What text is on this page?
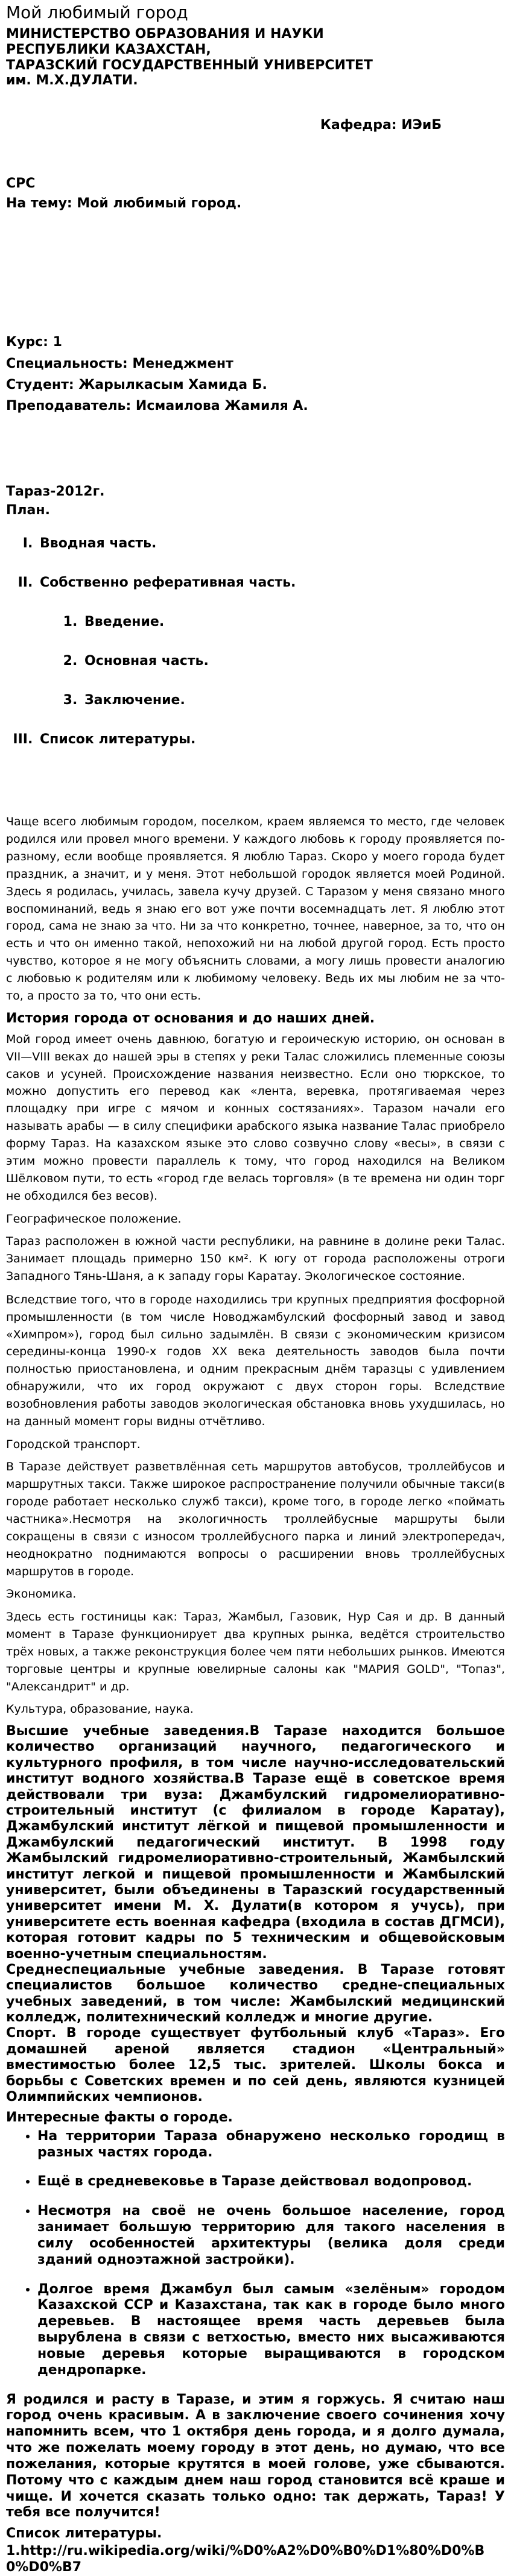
Мой любимый город

МИНИСТЕРСТВО ОБРАЗОВАНИЯ И НАУКИ

РЕСПУБЛИКИ КАЗАХСТАН,

ТАРАЗСКИЙ ГОСУДАРСТВЕННЫЙ УНИВЕРСИТЕТ

им. М.Х.ДУЛАТИ.

Кафедра: ИЭиБ

СРС

На тему: Мой любимый город.

Курс: 1

Специальность: Менеджмент

Студент: Жарылкасым Хамида Б.

Преподаватель: Исмаилова Жамиля А.

Тараз-2012г.

План.

I. Вводная часть.
II. Собственно реферативная часть.
1. Введение.
2. Основная часть.
3. Заключение.
III. Список литературы.

Чаще всего любимым городом, поселком, краем являемся то место, где человек родился или провел много времени. У каждого любовь к городу проявляется по-разному, если вообще проявляется. Я люблю Тараз. Скоро у моего города будет праздник, а значит, и у меня. Этот небольшой городок является моей Родиной. Здесь я родилась, училась, завела кучу друзей. С Таразом у меня связано много воспоминаний, ведь я знаю его вот уже почти восемнадцать лет. Я люблю этот город, сама не знаю за что. Ни за что конкретно, точнее, наверное, за то, что он есть и что он именно такой, непохожий ни на любой другой город. Есть просто чувство, которое я не могу объяснить словами, а могу лишь провести аналогию с любовью к родителям или к любимому человеку. Ведь их мы любим не за что-то, а просто за то, что они есть.

История города от основания и до наших дней.

Мой город имеет очень давнюю, богатую и героическую историю, он основан в VII—VIII веках до нашей эры в степях у реки Талас сложились племенные союзы саков и усуней. Происхождение названия неизвестно. Если оно тюркское, то можно допустить его перевод как «лента, веревка, протягиваемая через площадку при игре с мячом и конных состязаниях». Таразом начали его называть арабы — в силу специфики арабского языка название Талас приобрело форму Тараз. На казахском языке это слово созвучно слову «весы», в связи с этим можно провести параллель к тому, что город находился на Великом Шёлковом пути, то есть «город где велась торговля» (в те времена ни один торг не обходился без весов).

Географическое положение.

Тараз расположен в южной части республики, на равнине в долине реки Талас. Занимает площадь примерно 150 км². К югу от города расположены отроги Западного Тянь-Шаня, а к западу горы Каратау. Экологическое состояние.

Вследствие того, что в городе находились три крупных предприятия фосфорной промышленности (в том числе Новоджамбулский фосфорный завод и завод «Химпром»), город был сильно задымлён. В связи с экономическим кризисом середины-конца 1990-х годов XX века деятельность заводов была почти полностью приостановлена, и одним прекрасным днём таразцы с удивлением обнаружили, что их город окружают с двух сторон горы. Вследствие возобновления работы заводов экологическая обстановка вновь ухудшилась, но на данный момент горы видны отчётливо.

Городской транспорт.

В Таразе действует разветвлённая сеть маршрутов автобусов, троллейбусов и маршрутных такси. Также широкое распространение получили обычные такси(в городе работает несколько служб такси), кроме того, в городе легко «поймать частника».Несмотря на экологичность троллейбусные маршруты были сокращены в связи с износом троллейбусного парка и линий электропередач, неоднократно поднимаются вопросы о расширении вновь троллейбусных маршрутов в городе.

Экономика.

Здесь есть гостиницы как: Тараз, Жамбыл, Газовик, Нур Сая и др. В данный момент в Таразе функционирует два крупных рынка, ведётся строительство трёх новых, а также реконструкция более чем пяти небольших рынков. Имеются торговые центры и крупные ювелирные салоны как "МАРИЯ GOLD", "Топаз", "Александрит" и др.

Культура, образование, наука.

Высшие учебные заведения.В Таразе находится большое количество организаций научного, педагогического и культурного профиля, в том числе научно-исследовательский институт водного хозяйства.В Таразе ещё в советское время действовали три вуза: Джамбулский гидромелиоративно-строительный институт (с филиалом в городе Каратау), Джамбулский институт лёгкой и пищевой промышленности и Джамбулский педагогический институт. В 1998 году Жамбылский гидромелиоративно-строительный, Жамбылский институт легкой и пищевой промышленности и Жамбылский университет, были объединены в Таразский государственный университет имени М. Х. Дулати(в котором я учусь), при университете есть военная кафедра (входила в состав ДГМСИ), которая готовит кадры по 5 техническим и общевойсковым военно-учетным специальностям.

Среднеспециальные учебные заведения. В Таразе готовят специалистов большое количество средне-специальных учебных заведений, в том числе: Жамбылский медицинский колледж, политехнический колледж и многие другие.

Спорт. В городе существует футбольный клуб «Тараз». Его домашней ареной является стадион «Центральный» вместимостью более 12,5 тыс. зрителей. Школы бокса и борьбы с Советских времен и по сей день, являются кузницей Олимпийских чемпионов.

Интересные факты о городе.

• На территории Тараза обнаружено несколько городищ в разных частях города.
• Ещё в средневековье в Таразе действовал водопровод.
• Несмотря на своё не очень большое население, город занимает большую территорию для такого населения в силу особенностей архитектуры (велика доля среди зданий одноэтажной застройки).
• Долгое время Джамбул был самым «зелёным» городом Казахской ССР и Казахстана, так как в городе было много деревьев. В настоящее время часть деревьев была вырублена в связи с ветхостью, вместо них высаживаются новые деревья которые выращиваются в городском дендропарке.

Я родился и расту в Таразе, и этим я горжусь. Я считаю наш город очень красивым. А в заключение своего сочинения хочу напомнить всем, что 1 октября день города, и я долго думала, что же пожелать моему городу в этот день, но думаю, что все пожелания, которые крутятся в моей голове, уже сбываются. Потому что с каждым днем наш город становится всё краше и чище. И хочется сказать только одно: так держать, Тараз! У тебя все получится!

Список литературы.

1.http://ru.wikipedia.org/wiki/%D0%A2%D0%B0%D1%80%D0%B0%D0%B7
